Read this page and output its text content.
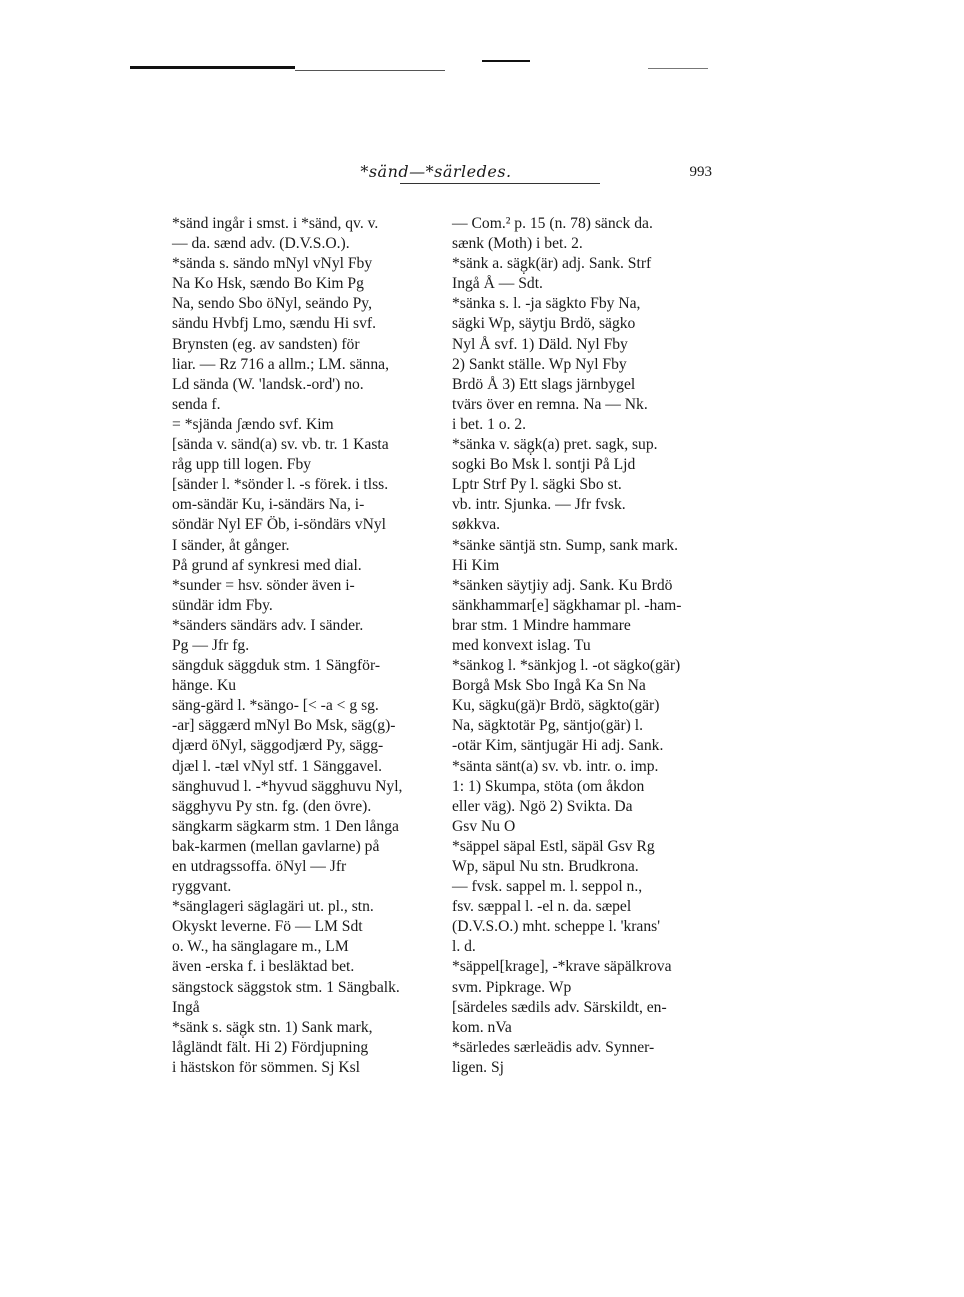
*sänd—*särledes.	993
*sänd ingår i smst. i *sänd, qv. v.
— da. sænd adv. (D.V.S.O.).
*sända s. sändo mNyl vNyl Fby
Na Ko Hsk, sændo Bo Kim Pg
Na, sendo Sbo öNyl, seändo Py,
sändu Hvbfj Lmo, sændu Hi svf.
Brynsten (eg. av sandsten) för
liar. — Rz 716 a allm.; LM. sänna,
Ld sända (W. 'landsk.-ord') no.
senda f.
= *sjända ʃændo svf. Kim
[sända v. sänd(a) sv. vb. tr. 1 Kasta
råg upp till logen. Fby
[sänder l. *sönder l. -s förek. i tlss.
om-sändär Ku, i-sändärs Na, i-
söndär Nyl EF Öb, i-söndärs vNyl
I sänder, åt gånger.
På grund af synkresi med dial.
*sunder = hsv. sönder även i-
sündär idm Fby.
*sänders sändärs adv. I sänder.
Pg — Jfr fg.
sängduk säggduk stm. 1 Sängför-
hänge. Ku
säng-gärd l. *sängo- [< -a < g sg.
-ar] säggærd mNyl Bo Msk, säg(g)-
djærd öNyl, säggodjærd Py, sägg-
djæl l. -tæl vNyl stf. 1 Sänggavel.
sänghuvud l. -*hyvud sägghuvu Nyl,
sägghyvu Py stn. fg. (den övre).
sängkarm sägkarm stm. 1 Den långa
bak-karmen (mellan gavlarne) på
en utdragssoffa. öNyl — Jfr
ryggvant.
*sänglageri säglagäri ut. pl., stn.
Okyskt leverne. Fö — LM Sdt
o. W., ha sänglagare m., LM
även -erska f. i besläktad bet.
sängstock säggstok stm. 1 Sängbalk.
Ingå
*sänk s. säg̣k stn. 1) Sank mark,
lågländt fält. Hi 2) Fördjupning
i hästskon för sömmen. Sj Ksl
— Com.² p. 15 (n. 78) sänck da.
sænk (Moth) i bet. 2.
*sänk a. säg̣k(är) adj. Sank. Strf
Ingå Å — Sdt.
*sänka s. l. -ja sägkto Fby Na,
sägki Wp, säytju Brdö, sägko
Nyl Å svf. 1) Däld. Nyl Fby
2) Sankt ställe. Wp Nyl Fby
Brdö Å 3) Ett slags järnbygel
tvärs över en remna. Na — Nk.
i bet. 1 o. 2.
*sänka v. säg̣k(a) pret. sagk, sup.
sogki Bo Msk l. sontji På Ljd
Lptr Strf Py l. sägki Sbo st.
vb. intr. Sjunka. — Jfr fvsk.
søkkva.
*sänke säntjä stn. Sump, sank mark.
Hi Kim
*sänken säytjiy adj. Sank. Ku Brdö
sänkhammar[e] sägkhamar pl. -ham-
brar stm. 1 Mindre hammare
med konvext islag. Tu
*sänkog l. *sänkjog l. -ot sägko(gär)
Borgå Msk Sbo Ingå Ka Sn Na
Ku, sägku(gä)r Brdö, sägkto(gär)
Na, sägktotär Pg, säntjo(gär) l.
-otär Kim, säntjugär Hi adj. Sank.
*sänta sänt(a) sv. vb. intr. o. imp.
1: 1) Skumpa, stöta (om åkdon
eller väg). Ngö 2) Svikta. Da
Gsv Nu O
*säppel säpal Estl, säpäl Gsv Rg
Wp, säpul Nu stn. Brudkrona.
— fvsk. sappel m. l. seppol n.,
fsv. sæppal l. -el n. da. sæpel
(D.V.S.O.) mht. scheppe l. 'krans'
l. d.
*säppel[krage], -*krave säpälkrova
svm. Pipkrage. Wp
[särdeles sædils adv. Särskildt, en-
kom. nVa
*särledes særleädis adv. Synner-
ligen. Sj
